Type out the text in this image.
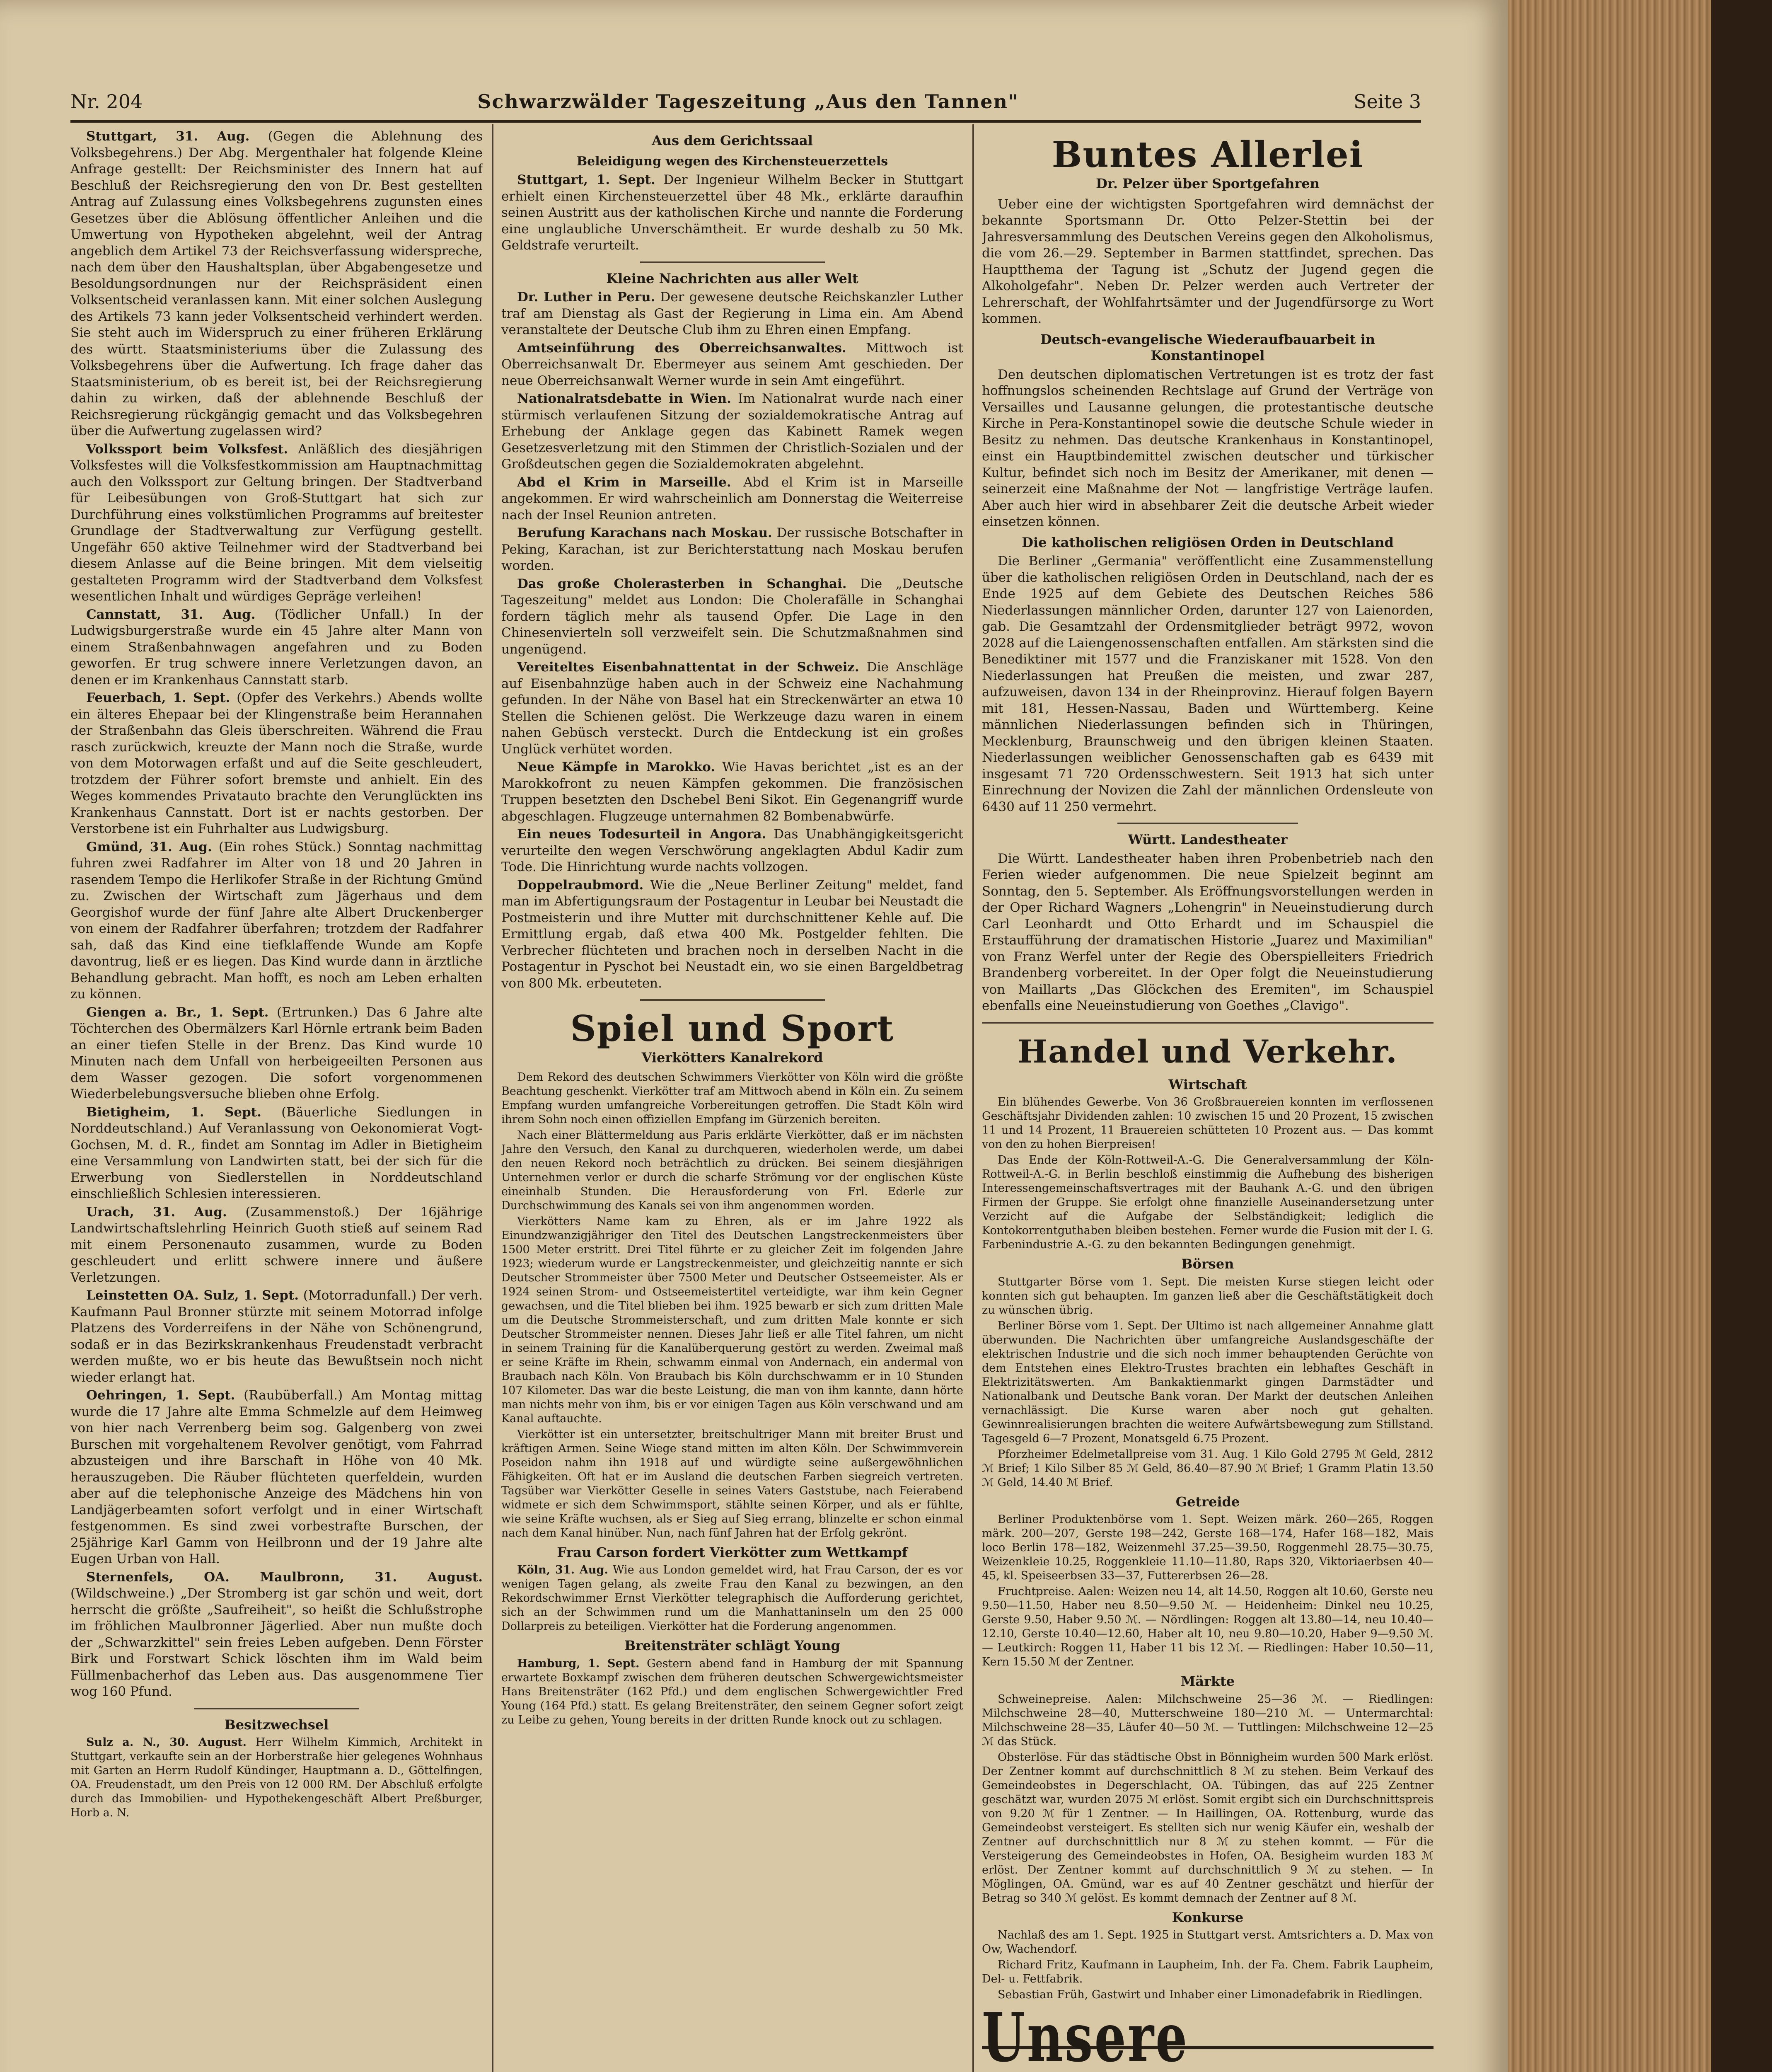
Nr. 204	Schwarzwälder Tageszeitung „Aus den Tannen"	Seite 3

Stuttgart, 31. Aug. (Gegen die Ablehnung des Volksbegehrens.) Der Abg. Mergenthaler hat folgende Kleine Anfrage gestellt: Der Reichsminister des Innern hat auf Beschluß der Reichsregierung den von Dr. Best gestellten Antrag auf Zulassung eines Volksbegehrens zugunsten eines Gesetzes über die Ablösung öffentlicher Anleihen und die Umwertung von Hypotheken abgelehnt, weil der Antrag angeblich dem Artikel 73 der Reichsverfassung widerspreche, nach dem über den Haushaltsplan, über Abgabengesetze und Besoldungsordnungen nur der Reichspräsident einen Volksentscheid veranlassen kann. Mit einer solchen Auslegung des Artikels 73 kann jeder Volksentscheid verhindert werden. Sie steht auch im Widerspruch zu einer früheren Erklärung des württ. Staatsministeriums über die Zulassung des Volksbegehrens über die Aufwertung. Ich frage daher das Staatsministerium, ob es bereit ist, bei der Reichsregierung dahin zu wirken, daß der ablehnende Beschluß der Reichsregierung rückgängig gemacht und das Volksbegehren über die Aufwertung zugelassen wird?

Volkssport beim Volksfest. Anläßlich des diesjährigen Volksfestes will die Volksfestkommission am Hauptnachmittag auch den Volkssport zur Geltung bringen. Der Stadtverband für Leibesübungen von Groß-Stuttgart hat sich zur Durchführung eines volkstümlichen Programms auf breitester Grundlage der Stadtverwaltung zur Verfügung gestellt. Ungefähr 650 aktive Teilnehmer wird der Stadtverband bei diesem Anlasse auf die Beine bringen. Mit dem vielseitig gestalteten Programm wird der Stadtverband dem Volksfest wesentlichen Inhalt und würdiges Gepräge verleihen!

Cannstatt, 31. Aug. (Tödlicher Unfall.) In der Ludwigsburgerstraße wurde ein 45 Jahre alter Mann von einem Straßenbahnwagen angefahren und zu Boden geworfen. Er trug schwere innere Verletzungen davon, an denen er im Krankenhaus Cannstatt starb.

Feuerbach, 1. Sept. (Opfer des Verkehrs.) Abends wollte ein älteres Ehepaar bei der Klingenstraße beim Herannahen der Straßenbahn das Gleis überschreiten. Während die Frau rasch zurückwich, kreuzte der Mann noch die Straße, wurde von dem Motorwagen erfaßt und auf die Seite geschleudert, trotzdem der Führer sofort bremste und anhielt. Ein des Weges kommendes Privatauto brachte den Verunglückten ins Krankenhaus Cannstatt. Dort ist er nachts gestorben. Der Verstorbene ist ein Fuhrhalter aus Ludwigsburg.

Gmünd, 31. Aug. (Ein rohes Stück.) Sonntag nachmittag fuhren zwei Radfahrer im Alter von 18 und 20 Jahren in rasendem Tempo die Herlikofer Straße in der Richtung Gmünd zu. Zwischen der Wirtschaft zum Jägerhaus und dem Georgishof wurde der fünf Jahre alte Albert Druckenberger von einem der Radfahrer überfahren; trotzdem der Radfahrer sah, daß das Kind eine tiefklaffende Wunde am Kopfe davontrug, ließ er es liegen. Das Kind wurde dann in ärztliche Behandlung gebracht. Man hofft, es noch am Leben erhalten zu können.

Giengen a. Br., 1. Sept. (Ertrunken.) Das 6 Jahre alte Töchterchen des Obermälzers Karl Hörnle ertrank beim Baden an einer tiefen Stelle in der Brenz. Das Kind wurde 10 Minuten nach dem Unfall von herbeigeeilten Personen aus dem Wasser gezogen. Die sofort vorgenommenen Wiederbelebungsversuche blieben ohne Erfolg.

Bietigheim, 1. Sept. (Bäuerliche Siedlungen in Norddeutschland.) Auf Veranlassung von Oekonomierat Vogt-Gochsen, M. d. R., findet am Sonntag im Adler in Bietigheim eine Versammlung von Landwirten statt, bei der sich für die Erwerbung von Siedlerstellen in Norddeutschland einschließlich Schlesien interessieren.

Urach, 31. Aug. (Zusammenstoß.) Der 16jährige Landwirtschaftslehrling Heinrich Guoth stieß auf seinem Rad mit einem Personenauto zusammen, wurde zu Boden geschleudert und erlitt schwere innere und äußere Verletzungen.

Leinstetten OA. Sulz, 1. Sept. (Motorradunfall.) Der verh. Kaufmann Paul Bronner stürzte mit seinem Motorrad infolge Platzens des Vorderreifens in der Nähe von Schönengrund, sodaß er in das Bezirkskrankenhaus Freudenstadt verbracht werden mußte, wo er bis heute das Bewußtsein noch nicht wieder erlangt hat.

Oehringen, 1. Sept. (Raubüberfall.) Am Montag mittag wurde die 17 Jahre alte Emma Schmelzle auf dem Heimweg von hier nach Verrenberg beim sog. Galgenberg von zwei Burschen mit vorgehaltenem Revolver genötigt, vom Fahrrad abzusteigen und ihre Barschaft in Höhe von 40 Mk. herauszugeben. Die Räuber flüchteten querfeldein, wurden aber auf die telephonische Anzeige des Mädchens hin von Landjägerbeamten sofort verfolgt und in einer Wirtschaft festgenommen. Es sind zwei vorbestrafte Burschen, der 25jährige Karl Gamm von Heilbronn und der 19 Jahre alte Eugen Urban von Hall.

Sternenfels, OA. Maulbronn, 31. August. (Wildschweine.) „Der Stromberg ist gar schön und weit, dort herrscht die größte „Saufreiheit", so heißt die Schlußstrophe im fröhlichen Maulbronner Jägerlied. Aber nun mußte doch der „Schwarzkittel" sein freies Leben aufgeben. Denn Förster Birk und Forstwart Schick löschten ihm im Wald beim Füllmenbacherhof das Leben aus. Das ausgenommene Tier wog 160 Pfund.

Besitzwechsel

Sulz a. N., 30. August. Herr Wilhelm Kimmich, Architekt in Stuttgart, verkaufte sein an der Horberstraße hier gelegenes Wohnhaus mit Garten an Herrn Rudolf Kündinger, Hauptmann a. D., Göttelfingen, OA. Freudenstadt, um den Preis von 12 000 RM. Der Abschluß erfolgte durch das Immobilien- und Hypothekengeschäft Albert Preßburger, Horb a. N.

Aus dem Gerichtssaal
Beleidigung wegen des Kirchensteuerzettels

Stuttgart, 1. Sept. Der Ingenieur Wilhelm Becker in Stuttgart erhielt einen Kirchensteuerzettel über 48 Mk., erklärte daraufhin seinen Austritt aus der katholischen Kirche und nannte die Forderung eine unglaubliche Unverschämtheit. Er wurde deshalb zu 50 Mk. Geldstrafe verurteilt.

Kleine Nachrichten aus aller Welt

Dr. Luther in Peru. Der gewesene deutsche Reichskanzler Luther traf am Dienstag als Gast der Regierung in Lima ein. Am Abend veranstaltete der Deutsche Club ihm zu Ehren einen Empfang.

Amtseinführung des Oberreichsanwaltes. Mittwoch ist Oberreichsanwalt Dr. Ebermeyer aus seinem Amt geschieden. Der neue Oberreichsanwalt Werner wurde in sein Amt eingeführt.

Nationalratsdebatte in Wien. Im Nationalrat wurde nach einer stürmisch verlaufenen Sitzung der sozialdemokratische Antrag auf Erhebung der Anklage gegen das Kabinett Ramek wegen Gesetzesverletzung mit den Stimmen der Christlich-Sozialen und der Großdeutschen gegen die Sozialdemokraten abgelehnt.

Abd el Krim in Marseille. Abd el Krim ist in Marseille angekommen. Er wird wahrscheinlich am Donnerstag die Weiterreise nach der Insel Reunion antreten.

Berufung Karachans nach Moskau. Der russische Botschafter in Peking, Karachan, ist zur Berichterstattung nach Moskau berufen worden.

Das große Cholerasterben in Schanghai. Die „Deutsche Tageszeitung" meldet aus London: Die Cholerafälle in Schanghai fordern täglich mehr als tausend Opfer. Die Lage in den Chinesenvierteln soll verzweifelt sein. Die Schutzmaßnahmen sind ungenügend.

Vereiteltes Eisenbahnattentat in der Schweiz. Die Anschläge auf Eisenbahnzüge haben auch in der Schweiz eine Nachahmung gefunden. In der Nähe von Basel hat ein Streckenwärter an etwa 10 Stellen die Schienen gelöst. Die Werkzeuge dazu waren in einem nahen Gebüsch versteckt. Durch die Entdeckung ist ein großes Unglück verhütet worden.

Neue Kämpfe in Marokko. Wie Havas berichtet „ist es an der Marokkofront zu neuen Kämpfen gekommen. Die französischen Truppen besetzten den Dschebel Beni Sikot. Ein Gegenangriff wurde abgeschlagen. Flugzeuge unternahmen 82 Bombenabwürfe.

Ein neues Todesurteil in Angora. Das Unabhängigkeitsgericht verurteilte den wegen Verschwörung angeklagten Abdul Kadir zum Tode. Die Hinrichtung wurde nachts vollzogen.

Doppelraubmord. Wie die „Neue Berliner Zeitung" meldet, fand man im Abfertigungsraum der Postagentur in Leubar bei Neustadt die Postmeisterin und ihre Mutter mit durchschnittener Kehle auf. Die Ermittlung ergab, daß etwa 400 Mk. Postgelder fehlten. Die Verbrecher flüchteten und brachen noch in derselben Nacht in die Postagentur in Pyschot bei Neustadt ein, wo sie einen Bargeldbetrag von 800 Mk. erbeuteten.

Spiel und Sport
Vierkötters Kanalrekord

Dem Rekord des deutschen Schwimmers Vierkötter von Köln wird die größte Beachtung geschenkt. Vierkötter traf am Mittwoch abend in Köln ein. Zu seinem Empfang wurden umfangreiche Vorbereitungen getroffen. Die Stadt Köln wird ihrem Sohn noch einen offiziellen Empfang im Gürzenich bereiten.

Nach einer Blättermeldung aus Paris erklärte Vierkötter, daß er im nächsten Jahre den Versuch, den Kanal zu durchqueren, wiederholen werde, um dabei den neuen Rekord noch beträchtlich zu drücken. Bei seinem diesjährigen Unternehmen verlor er durch die scharfe Strömung vor der englischen Küste eineinhalb Stunden. Die Herausforderung von Frl. Ederle zur Durchschwimmung des Kanals sei von ihm angenommen worden.

Vierkötters Name kam zu Ehren, als er im Jahre 1922 als Einundzwanzigjähriger den Titel des Deutschen Langstreckenmeisters über 1500 Meter erstritt. Drei Titel führte er zu gleicher Zeit im folgenden Jahre 1923; wiederum wurde er Langstreckenmeister, und gleichzeitig nannte er sich Deutscher Strommeister über 7500 Meter und Deutscher Ostseemeister. Als er 1924 seinen Strom- und Ostseemeistertitel verteidigte, war ihm kein Gegner gewachsen, und die Titel blieben bei ihm. 1925 bewarb er sich zum dritten Male um die Deutsche Strommeisterschaft, und zum dritten Male konnte er sich Deutscher Strommeister nennen. Dieses Jahr ließ er alle Titel fahren, um nicht in seinem Training für die Kanalüberquerung gestört zu werden. Zweimal maß er seine Kräfte im Rhein, schwamm einmal von Andernach, ein andermal von Braubach nach Köln. Von Braubach bis Köln durchschwamm er in 10 Stunden 107 Kilometer. Das war die beste Leistung, die man von ihm kannte, dann hörte man nichts mehr von ihm, bis er vor einigen Tagen aus Köln verschwand und am Kanal auftauchte.

Vierkötter ist ein untersetzter, breitschultriger Mann mit breiter Brust und kräftigen Armen. Seine Wiege stand mitten im alten Köln. Der Schwimmverein Poseidon nahm ihn 1918 auf und würdigte seine außergewöhnlichen Fähigkeiten. Oft hat er im Ausland die deutschen Farben siegreich vertreten. Tagsüber war Vierkötter Geselle in seines Vaters Gaststube, nach Feierabend widmete er sich dem Schwimmsport, stählte seinen Körper, und als er fühlte, wie seine Kräfte wuchsen, als er Sieg auf Sieg errang, blinzelte er schon einmal nach dem Kanal hinüber. Nun, nach fünf Jahren hat der Erfolg gekrönt.

Frau Carson fordert Vierkötter zum Wettkampf

Köln, 31. Aug. Wie aus London gemeldet wird, hat Frau Carson, der es vor wenigen Tagen gelang, als zweite Frau den Kanal zu bezwingen, an den Rekordschwimmer Ernst Vierkötter telegraphisch die Aufforderung gerichtet, sich an der Schwimmen rund um die Manhattaninseln um den 25 000 Dollarpreis zu beteiligen. Vierkötter hat die Forderung angenommen.

Breitensträter schlägt Young

Hamburg, 1. Sept. Gestern abend fand in Hamburg der mit Spannung erwartete Boxkampf zwischen dem früheren deutschen Schwergewichtsmeister Hans Breitensträter (162 Pfd.) und dem englischen Schwergewichtler Fred Young (164 Pfd.) statt. Es gelang Breitensträter, den seinem Gegner sofort zeigt zu Leibe zu gehen, Young bereits in der dritten Runde knock out zu schlagen.

Buntes Allerlei
Dr. Pelzer über Sportgefahren

Ueber eine der wichtigsten Sportgefahren wird demnächst der bekannte Sportsmann Dr. Otto Pelzer-Stettin bei der Jahresversammlung des Deutschen Vereins gegen den Alkoholismus, die vom 26.—29. September in Barmen stattfindet, sprechen. Das Hauptthema der Tagung ist „Schutz der Jugend gegen die Alkoholgefahr". Neben Dr. Pelzer werden auch Vertreter der Lehrerschaft, der Wohlfahrtsämter und der Jugendfürsorge zu Wort kommen.

Deutsch-evangelische Wiederaufbauarbeit in Konstantinopel

Den deutschen diplomatischen Vertretungen ist es trotz der fast hoffnungslos scheinenden Rechtslage auf Grund der Verträge von Versailles und Lausanne gelungen, die protestantische deutsche Kirche in Pera-Konstantinopel sowie die deutsche Schule wieder in Besitz zu nehmen. Das deutsche Krankenhaus in Konstantinopel, einst ein Hauptbindemittel zwischen deutscher und türkischer Kultur, befindet sich noch im Besitz der Amerikaner, mit denen — seinerzeit eine Maßnahme der Not — langfristige Verträge laufen. Aber auch hier wird in absehbarer Zeit die deutsche Arbeit wieder einsetzen können.

Die katholischen religiösen Orden in Deutschland

Die Berliner „Germania" veröffentlicht eine Zusammenstellung über die katholischen religiösen Orden in Deutschland, nach der es Ende 1925 auf dem Gebiete des Deutschen Reiches 586 Niederlassungen männlicher Orden, darunter 127 von Laienorden, gab. Die Gesamtzahl der Ordensmitglieder beträgt 9972, wovon 2028 auf die Laiengenossenschaften entfallen. Am stärksten sind die Benediktiner mit 1577 und die Franziskaner mit 1528. Von den Niederlassungen hat Preußen die meisten, und zwar 287, aufzuweisen, davon 134 in der Rheinprovinz. Hierauf folgen Bayern mit 181, Hessen-Nassau, Baden und Württemberg. Keine männlichen Niederlassungen befinden sich in Thüringen, Mecklenburg, Braunschweig und den übrigen kleinen Staaten. Niederlassungen weiblicher Genossenschaften gab es 6439 mit insgesamt 71 720 Ordensschwestern. Seit 1913 hat sich unter Einrechnung der Novizen die Zahl der männlichen Ordensleute von 6430 auf 11 250 vermehrt.

Württ. Landestheater

Die Württ. Landestheater haben ihren Probenbetrieb nach den Ferien wieder aufgenommen. Die neue Spielzeit beginnt am Sonntag, den 5. September. Als Eröffnungsvorstellungen werden in der Oper Richard Wagners „Lohengrin" in Neueinstudierung durch Carl Leonhardt und Otto Erhardt und im Schauspiel die Erstaufführung der dramatischen Historie „Juarez und Maximilian" von Franz Werfel unter der Regie des Oberspielleiters Friedrich Brandenberg vorbereitet. In der Oper folgt die Neueinstudierung von Maillarts „Das Glöckchen des Eremiten", im Schauspiel ebenfalls eine Neueinstudierung von Goethes „Clavigo".

Handel und Verkehr.
Wirtschaft

Ein blühendes Gewerbe. Von 36 Großbrauereien konnten im verflossenen Geschäftsjahr Dividenden zahlen: 10 zwischen 15 und 20 Prozent, 15 zwischen 11 und 14 Prozent, 11 Brauereien schütteten 10 Prozent aus. — Das kommt von den zu hohen Bierpreisen!

Das Ende der Köln-Rottweil-A.-G. Die Generalversammlung der Köln-Rottweil-A.-G. in Berlin beschloß einstimmig die Aufhebung des bisherigen Interessengemeinschaftsvertrages mit der Bauhank A.-G. und den übrigen Firmen der Gruppe. Sie erfolgt ohne finanzielle Auseinandersetzung unter Verzicht auf die Aufgabe der Selbständigkeit; lediglich die Kontokorrentguthaben bleiben bestehen. Ferner wurde die Fusion mit der I. G. Farbenindustrie A.-G. zu den bekannten Bedingungen genehmigt.

Börsen

Stuttgarter Börse vom 1. Sept. Die meisten Kurse stiegen leicht oder konnten sich gut behaupten. Im ganzen ließ aber die Geschäftstätigkeit doch zu wünschen übrig.

Berliner Börse vom 1. Sept. Der Ultimo ist nach allgemeiner Annahme glatt überwunden. Die Nachrichten über umfangreiche Auslandsgeschäfte der elektrischen Industrie und die sich noch immer behauptenden Gerüchte von dem Entstehen eines Elektro-Trustes brachten ein lebhaftes Geschäft in Elektrizitätswerten. Am Bankaktienmarkt gingen Darmstädter und Nationalbank und Deutsche Bank voran. Der Markt der deutschen Anleihen vernachlässigt. Die Kurse waren aber noch gut gehalten. Gewinnrealisierungen brachten die weitere Aufwärtsbewegung zum Stillstand. Tagesgeld 6—7 Prozent, Monatsgeld 6.75 Prozent.

Pforzheimer Edelmetallpreise vom 31. Aug. 1 Kilo Gold 2795 ℳ Geld, 2812 ℳ Brief; 1 Kilo Silber 85 ℳ Geld, 86.40—87.90 ℳ Brief; 1 Gramm Platin 13.50 ℳ Geld, 14.40 ℳ Brief.

Getreide

Berliner Produktenbörse vom 1. Sept. Weizen märk. 260—265, Roggen märk. 200—207, Gerste 198—242, Gerste 168—174, Hafer 168—182, Mais loco Berlin 178—182, Weizenmehl 37.25—39.50, Roggenmehl 28.75—30.75, Weizenkleie 10.25, Roggenkleie 11.10—11.80, Raps 320, Viktoriaerbsen 40—45, kl. Speiseerbsen 33—37, Futtererbsen 26—28.

Fruchtpreise. Aalen: Weizen neu 14, alt 14.50, Roggen alt 10.60, Gerste neu 9.50—11.50, Haber neu 8.50—9.50 ℳ. — Heidenheim: Dinkel neu 10.25, Gerste 9.50, Haber 9.50 ℳ. — Nördlingen: Roggen alt 13.80—14, neu 10.40—12.10, Gerste 10.40—12.60, Haber alt 10, neu 9.80—10.20, Haber 9—9.50 ℳ. — Leutkirch: Roggen 11, Haber 11 bis 12 ℳ. — Riedlingen: Haber 10.50—11, Kern 15.50 ℳ der Zentner.

Märkte

Schweinepreise. Aalen: Milchschweine 25—36 ℳ. — Riedlingen: Milchschweine 28—40, Mutterschweine 180—210 ℳ. — Untermarchtal: Milchschweine 28—35, Läufer 40—50 ℳ. — Tuttlingen: Milchschweine 12—25 ℳ das Stück.

Obsterlöse. Für das städtische Obst in Bönnigheim wurden 500 Mark erlöst. Der Zentner kommt auf durchschnittlich 8 ℳ zu stehen. Beim Verkauf des Gemeindeobstes in Degerschlacht, OA. Tübingen, das auf 225 Zentner geschätzt war, wurden 2075 ℳ erlöst. Somit ergibt sich ein Durchschnittspreis von 9.20 ℳ für 1 Zentner. — In Haillingen, OA. Rottenburg, wurde das Gemeindeobst versteigert. Es stellten sich nur wenig Käufer ein, weshalb der Zentner auf durchschnittlich nur 8 ℳ zu stehen kommt. — Für die Versteigerung des Gemeindeobstes in Hofen, OA. Besigheim wurden 183 ℳ erlöst. Der Zentner kommt auf durchschnittlich 9 ℳ zu stehen. — In Möglingen, OA. Gmünd, war es auf 40 Zentner geschätzt und hierfür der Betrag so 340 ℳ gelöst. Es kommt demnach der Zentner auf 8 ℳ.

Konkurse

Nachlaß des am 1. Sept. 1925 in Stuttgart verst. Amtsrichters a. D. Max von Ow, Wachendorf.

Richard Fritz, Kaufmann in Laupheim, Inh. der Fa. Chem. Fabrik Laupheim, Del- u. Fettfabrik.

Sebastian Früh, Gastwirt und Inhaber einer Limonadefabrik in Riedlingen.
